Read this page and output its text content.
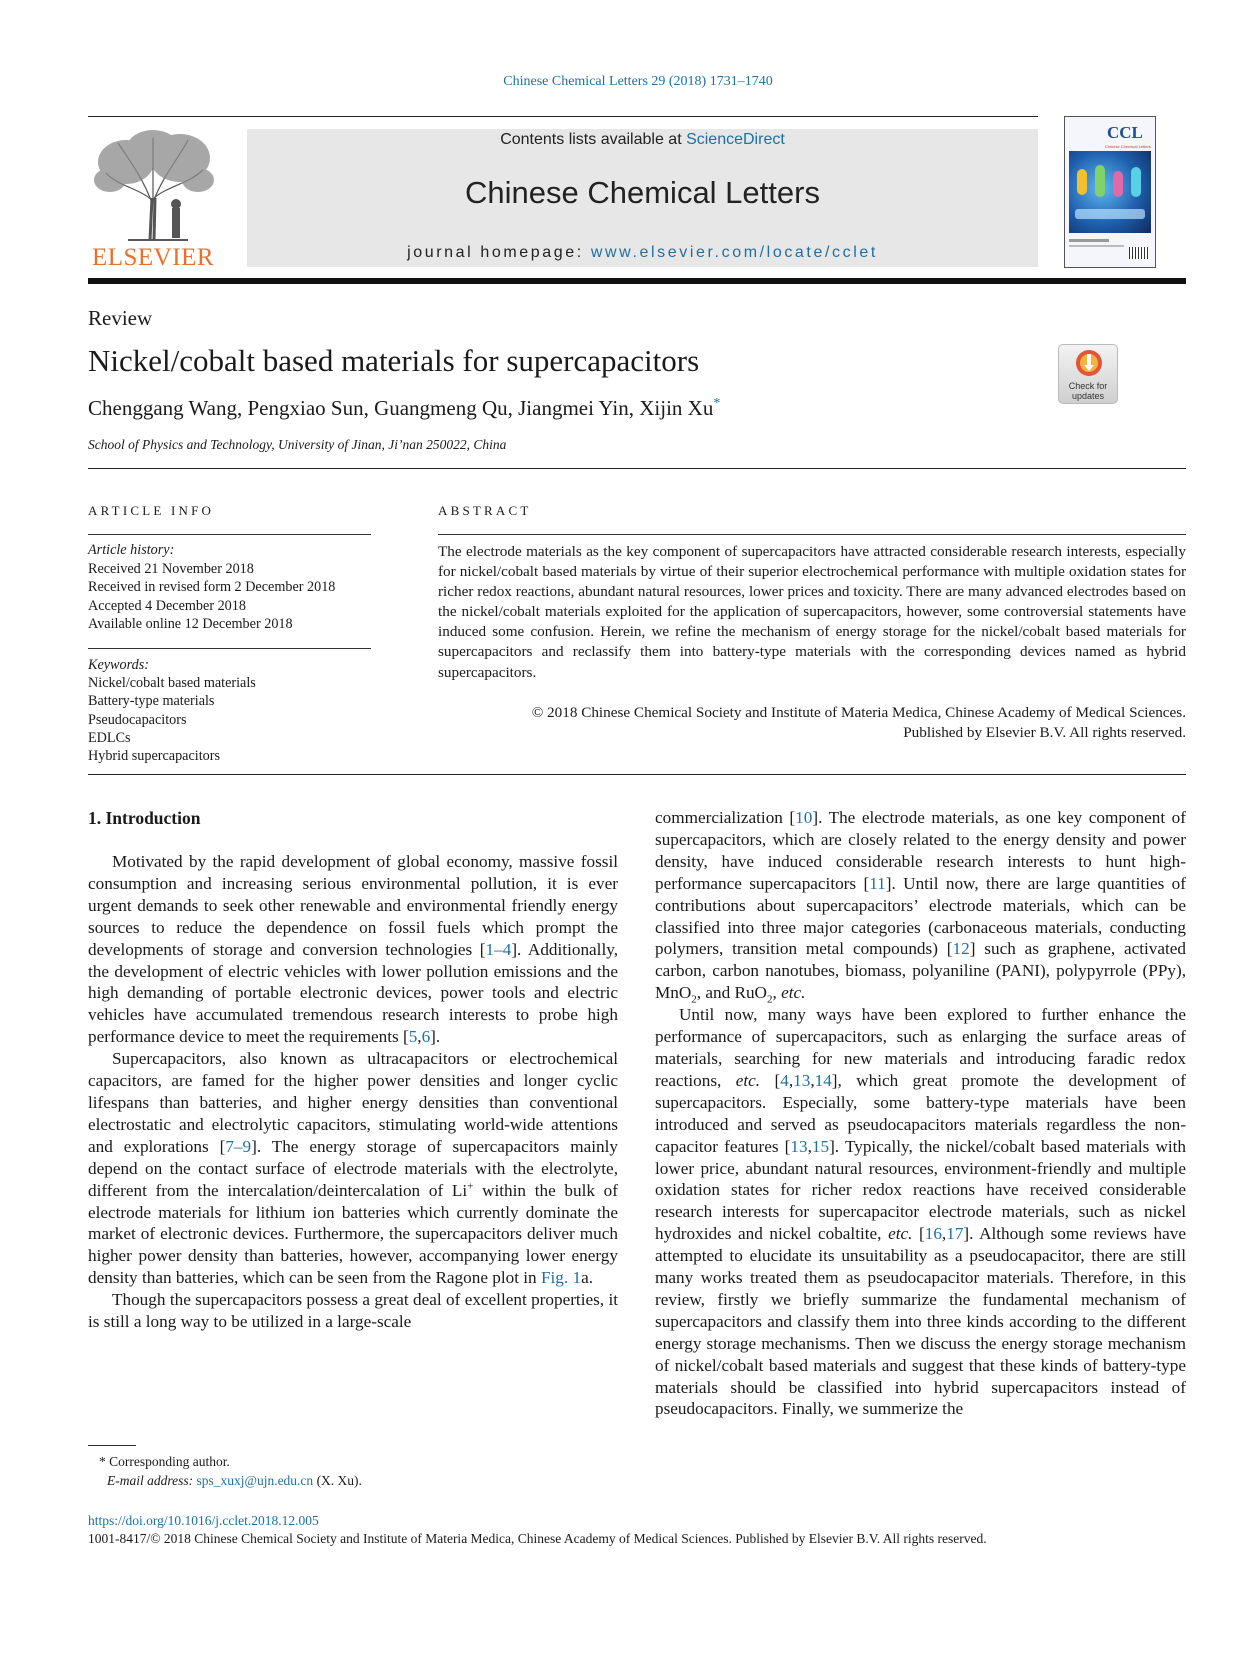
Chinese Chemical Letters 29 (2018) 1731–1740
ELSEVIER
Contents lists available at ScienceDirect
Chinese Chemical Letters
journal homepage: www.elsevier.com/locate/cclet
CCL
Chinese Chemical Letters
Review
Nickel/cobalt based materials for supercapacitors
Chenggang Wang, Pengxiao Sun, Guangmeng Qu, Jiangmei Yin, Xijin Xu*
School of Physics and Technology, University of Jinan, Ji’nan 250022, China
Check for updates
ARTICLE INFO	ABSTRACT
Article history:
Received 21 November 2018
Received in revised form 2 December 2018
Accepted 4 December 2018
Available online 12 December 2018
Keywords:
Nickel/cobalt based materials
Battery-type materials
Pseudocapacitors
EDLCs
Hybrid supercapacitors
The electrode materials as the key component of supercapacitors have attracted considerable research interests, especially for nickel/cobalt based materials by virtue of their superior electrochemical performance with multiple oxidation states for richer redox reactions, abundant natural resources, lower prices and toxicity. There are many advanced electrodes based on the nickel/cobalt materials exploited for the application of supercapacitors, however, some controversial statements have induced some confusion. Herein, we refine the mechanism of energy storage for the nickel/cobalt based materials for supercapacitors and reclassify them into battery-type materials with the corresponding devices named as hybrid supercapacitors.
© 2018 Chinese Chemical Society and Institute of Materia Medica, Chinese Academy of Medical Sciences.
Published by Elsevier B.V. All rights reserved.
1. Introduction

Motivated by the rapid development of global economy, massive fossil consumption and increasing serious environmental pollution, it is ever urgent demands to seek other renewable and environmental friendly energy sources to reduce the dependence on fossil fuels which prompt the developments of storage and conversion technologies [1–4]. Additionally, the development of electric vehicles with lower pollution emissions and the high demanding of portable electronic devices, power tools and electric vehicles have accumulated tremendous research interests to probe high performance device to meet the requirements [5,6].

Supercapacitors, also known as ultracapacitors or electrochemical capacitors, are famed for the higher power densities and longer cyclic lifespans than batteries, and higher energy densities than conventional electrostatic and electrolytic capacitors, stimulating world-wide attentions and explorations [7–9]. The energy storage of supercapacitors mainly depend on the contact surface of electrode materials with the electrolyte, different from the intercalation/deintercalation of Li+ within the bulk of electrode materials for lithium ion batteries which currently dominate the market of electronic devices. Furthermore, the supercapacitors deliver much higher power density than batteries, however, accompanying lower energy density than batteries, which can be seen from the Ragone plot in Fig. 1a.

Though the supercapacitors possess a great deal of excellent properties, it is still a long way to be utilized in a large-scale

commercialization [10]. The electrode materials, as one key component of supercapacitors, which are closely related to the energy density and power density, have induced considerable research interests to hunt high-performance supercapacitors [11]. Until now, there are large quantities of contributions about supercapacitors’ electrode materials, which can be classified into three major categories (carbonaceous materials, conducting polymers, transition metal compounds) [12] such as graphene, activated carbon, carbon nanotubes, biomass, polyaniline (PANI), polypyrrole (PPy), MnO$_2$, and RuO$_2$, etc.

Until now, many ways have been explored to further enhance the performance of supercapacitors, such as enlarging the surface areas of materials, searching for new materials and introducing faradic redox reactions, etc. [4,13,14], which great promote the development of supercapacitors. Especially, some battery-type materials have been introduced and served as pseudocapacitors materials regardless the non-capacitor features [13,15]. Typically, the nickel/cobalt based materials with lower price, abundant natural resources, environment-friendly and multiple oxidation states for richer redox reactions have received considerable research interests for supercapacitor electrode materials, such as nickel hydroxides and nickel cobaltite, etc. [16,17]. Although some reviews have attempted to elucidate its unsuitability as a pseudocapacitor, there are still many works treated them as pseudocapacitor materials. Therefore, in this review, firstly we briefly summarize the fundamental mechanism of supercapacitors and classify them into three kinds according to the different energy storage mechanisms. Then we discuss the energy storage mechanism of nickel/cobalt based materials and suggest that these kinds of battery-type materials should be classified into hybrid supercapacitors instead of pseudocapacitors. Finally, we summerize the

* Corresponding author.
E-mail address: sps_xuxj@ujn.edu.cn (X. Xu).
https://doi.org/10.1016/j.cclet.2018.12.005
1001-8417/© 2018 Chinese Chemical Society and Institute of Materia Medica, Chinese Academy of Medical Sciences. Published by Elsevier B.V. All rights reserved.
